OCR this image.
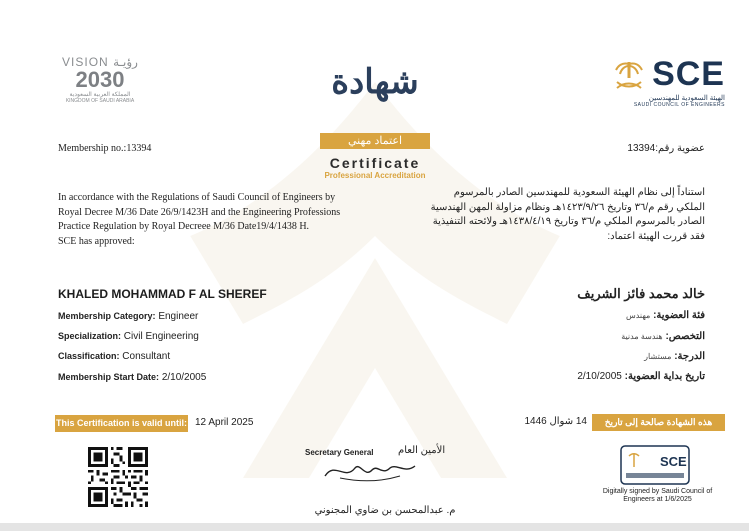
VISION رؤيـة
2030
المملكة العربية السعودية
KINGDOM OF SAUDI ARABIA
SCE
الهيئة السعودية للمهندسين
SAUDI COUNCIL OF ENGINEERS
شهادة
اعتماد مهني
Certificate
Professional Accreditation
Membership no.:13394	عضوية رقم:13394
In accordance with the Regulations of Saudi Council of Engineers by
Royal Decree M/36 Date 26/9/1423H and the Engineering Professions
Practice Regulation by Royal Decreee M/36 Date19/4/1438 H.
SCE has approved:
استناداً إلى نظام الهيئة السعودية للمهندسين الصادر بالمرسوم
الملكي رقم م/٣٦ وتاريخ ١٤٢٣/٩/٢٦هـ ونظام مزاولة المهن الهندسية
الصادر بالمرسوم الملكي م/٣٦ وتاريخ ١٤٣٨/٤/١٩هـ ولائحته التنفيذية
فقد قررت الهيئة اعتماد:
KHALED MOHAMMAD F AL SHEREF	خالد محمد فائز الشريف
Membership Category: Engineer
Specialization: Civil Engineering
Classification: Consultant
Membership Start Date: 2/10/2005
فئة العضوية: مهندس
التخصص: هندسة مدنية
الدرجة: مستشار
تاريخ بداية العضوية: 2/10/2005
This Certification is valid until: 12 April 2025	هذه الشهادة صالحة إلى تاريخ
14 شوال 1446
Secretary General الأمين العام
م. عبدالمحسن بن ضاوي المجنوني
SCE
Digitally signed by Saudi Council of
Engineers at 1/6/2025
